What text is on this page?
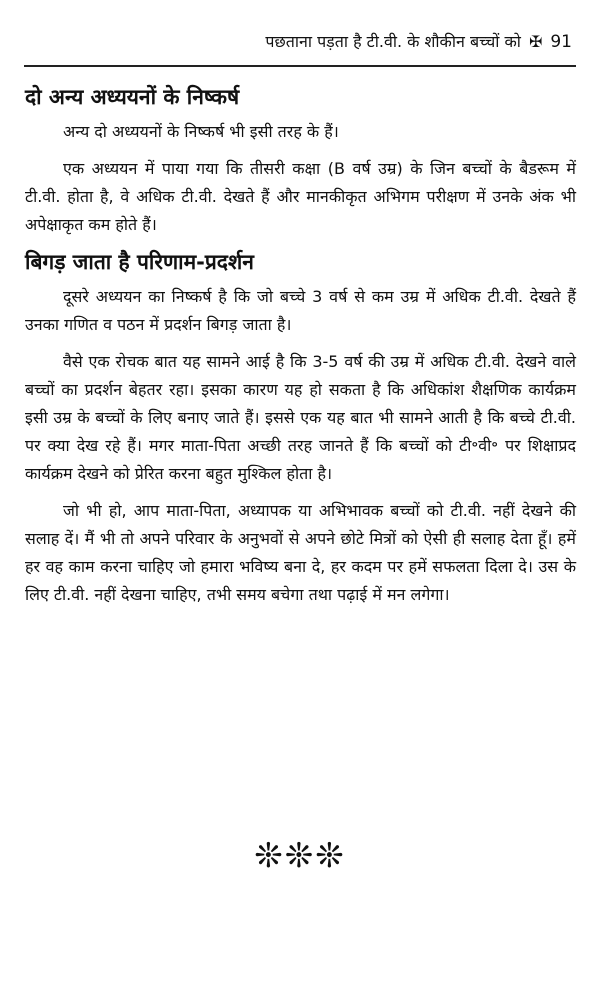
पछताना पड़ता है टी.वी. के शौकीन बच्चों को ✠ 91
दो अन्य अध्ययनों के निष्कर्ष

अन्य दो अध्ययनों के निष्कर्ष भी इसी तरह के हैं।

एक अध्ययन में पाया गया कि तीसरी कक्षा (B वर्ष उम्र) के जिन बच्चों के बैडरूम में टी.वी. होता है, वे अधिक टी.वी. देखते हैं और मानकीकृत अभिगम परीक्षण में उनके अंक भी अपेक्षाकृत कम होते हैं।

बिगड़ जाता है परिणाम-प्रदर्शन

दूसरे अध्ययन का निष्कर्ष है कि जो बच्चे 3 वर्ष से कम उम्र में अधिक टी.वी. देखते हैं उनका गणित व पठन में प्रदर्शन बिगड़ जाता है।

वैसे एक रोचक बात यह सामने आई है कि 3-5 वर्ष की उम्र में अधिक टी.वी. देखने वाले बच्चों का प्रदर्शन बेहतर रहा। इसका कारण यह हो सकता है कि अधिकांश शैक्षणिक कार्यक्रम इसी उम्र के बच्चों के लिए बनाए जाते हैं। इससे एक यह बात भी सामने आती है कि बच्चे टी.वी. पर क्या देख रहे हैं। मगर माता-पिता अच्छी तरह जानते हैं कि बच्चों को टी॰वी॰ पर शिक्षाप्रद कार्यक्रम देखने को प्रेरित करना बहुत मुश्किल होता है।

जो भी हो, आप माता-पिता, अध्यापक या अभिभावक बच्चों को टी.वी. नहीं देखने की सलाह दें। मैं भी तो अपने परिवार के अनुभवों से अपने छोटे मित्रों को ऐसी ही सलाह देता हूँ। हमें हर वह काम करना चाहिए जो हमारा भविष्य बना दे, हर कदम पर हमें सफलता दिला दे। उस के लिए टी.वी. नहीं देखना चाहिए, तभी समय बचेगा तथा पढ़ाई में मन लगेगा।

❊❊❊
